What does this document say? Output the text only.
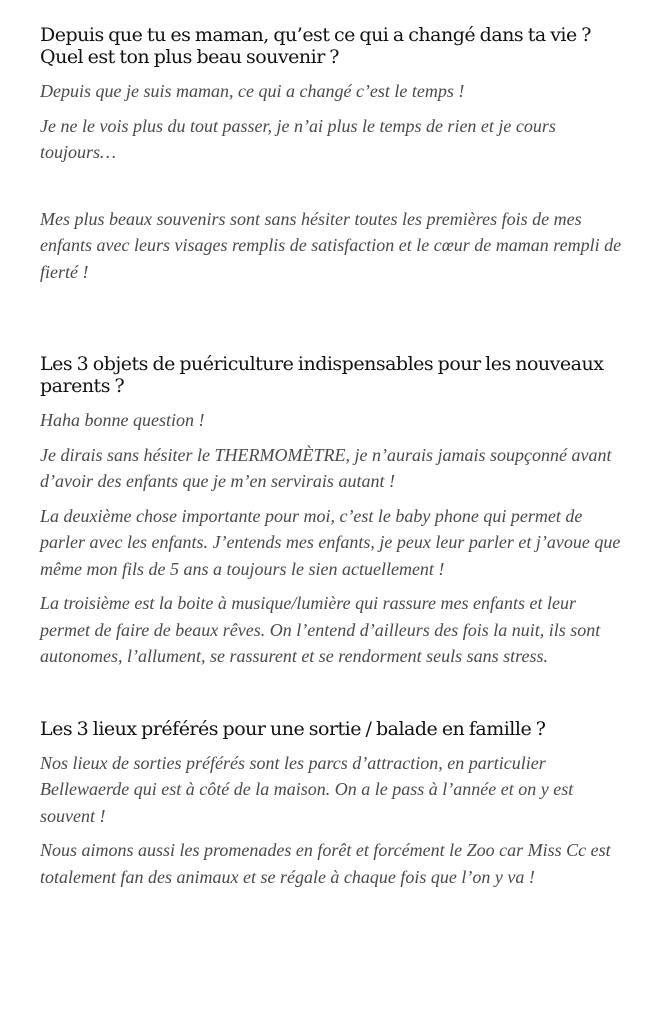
Depuis que tu es maman, qu’est ce qui a changé dans ta vie ? Quel est ton plus beau souvenir ?

Depuis que je suis maman, ce qui a changé c’est le temps !

Je ne le vois plus du tout passer, je n’ai plus le temps de rien et je cours toujours…

Mes plus beaux souvenirs sont sans hésiter toutes les premières fois de mes enfants avec leurs visages remplis de satisfaction et le cœur de maman rempli de fierté !

Les 3 objets de puériculture indispensables pour les nouveaux parents ?

Haha bonne question !

Je dirais sans hésiter le THERMOMÈTRE, je n’aurais jamais soupçonné avant d’avoir des enfants que je m’en servirais autant !

La deuxième chose importante pour moi, c’est le baby phone qui permet de parler avec les enfants. J’entends mes enfants, je peux leur parler et j’avoue que même mon fils de 5 ans a toujours le sien actuellement !

La troisième est la boite à musique/lumière qui rassure mes enfants et leur permet de faire de beaux rêves. On l’entend d’ailleurs des fois la nuit, ils sont autonomes, l’allument, se rassurent et se rendorment seuls sans stress.

Les 3 lieux préférés pour une sortie / balade en famille ?

Nos lieux de sorties préférés sont les parcs d’attraction, en particulier Bellewaerde qui est à côté de la maison. On a le pass à l’année et on y est souvent !

Nous aimons aussi les promenades en forêt et forcément le Zoo car Miss Cc est totalement fan des animaux et se régale à chaque fois que l’on y va !
